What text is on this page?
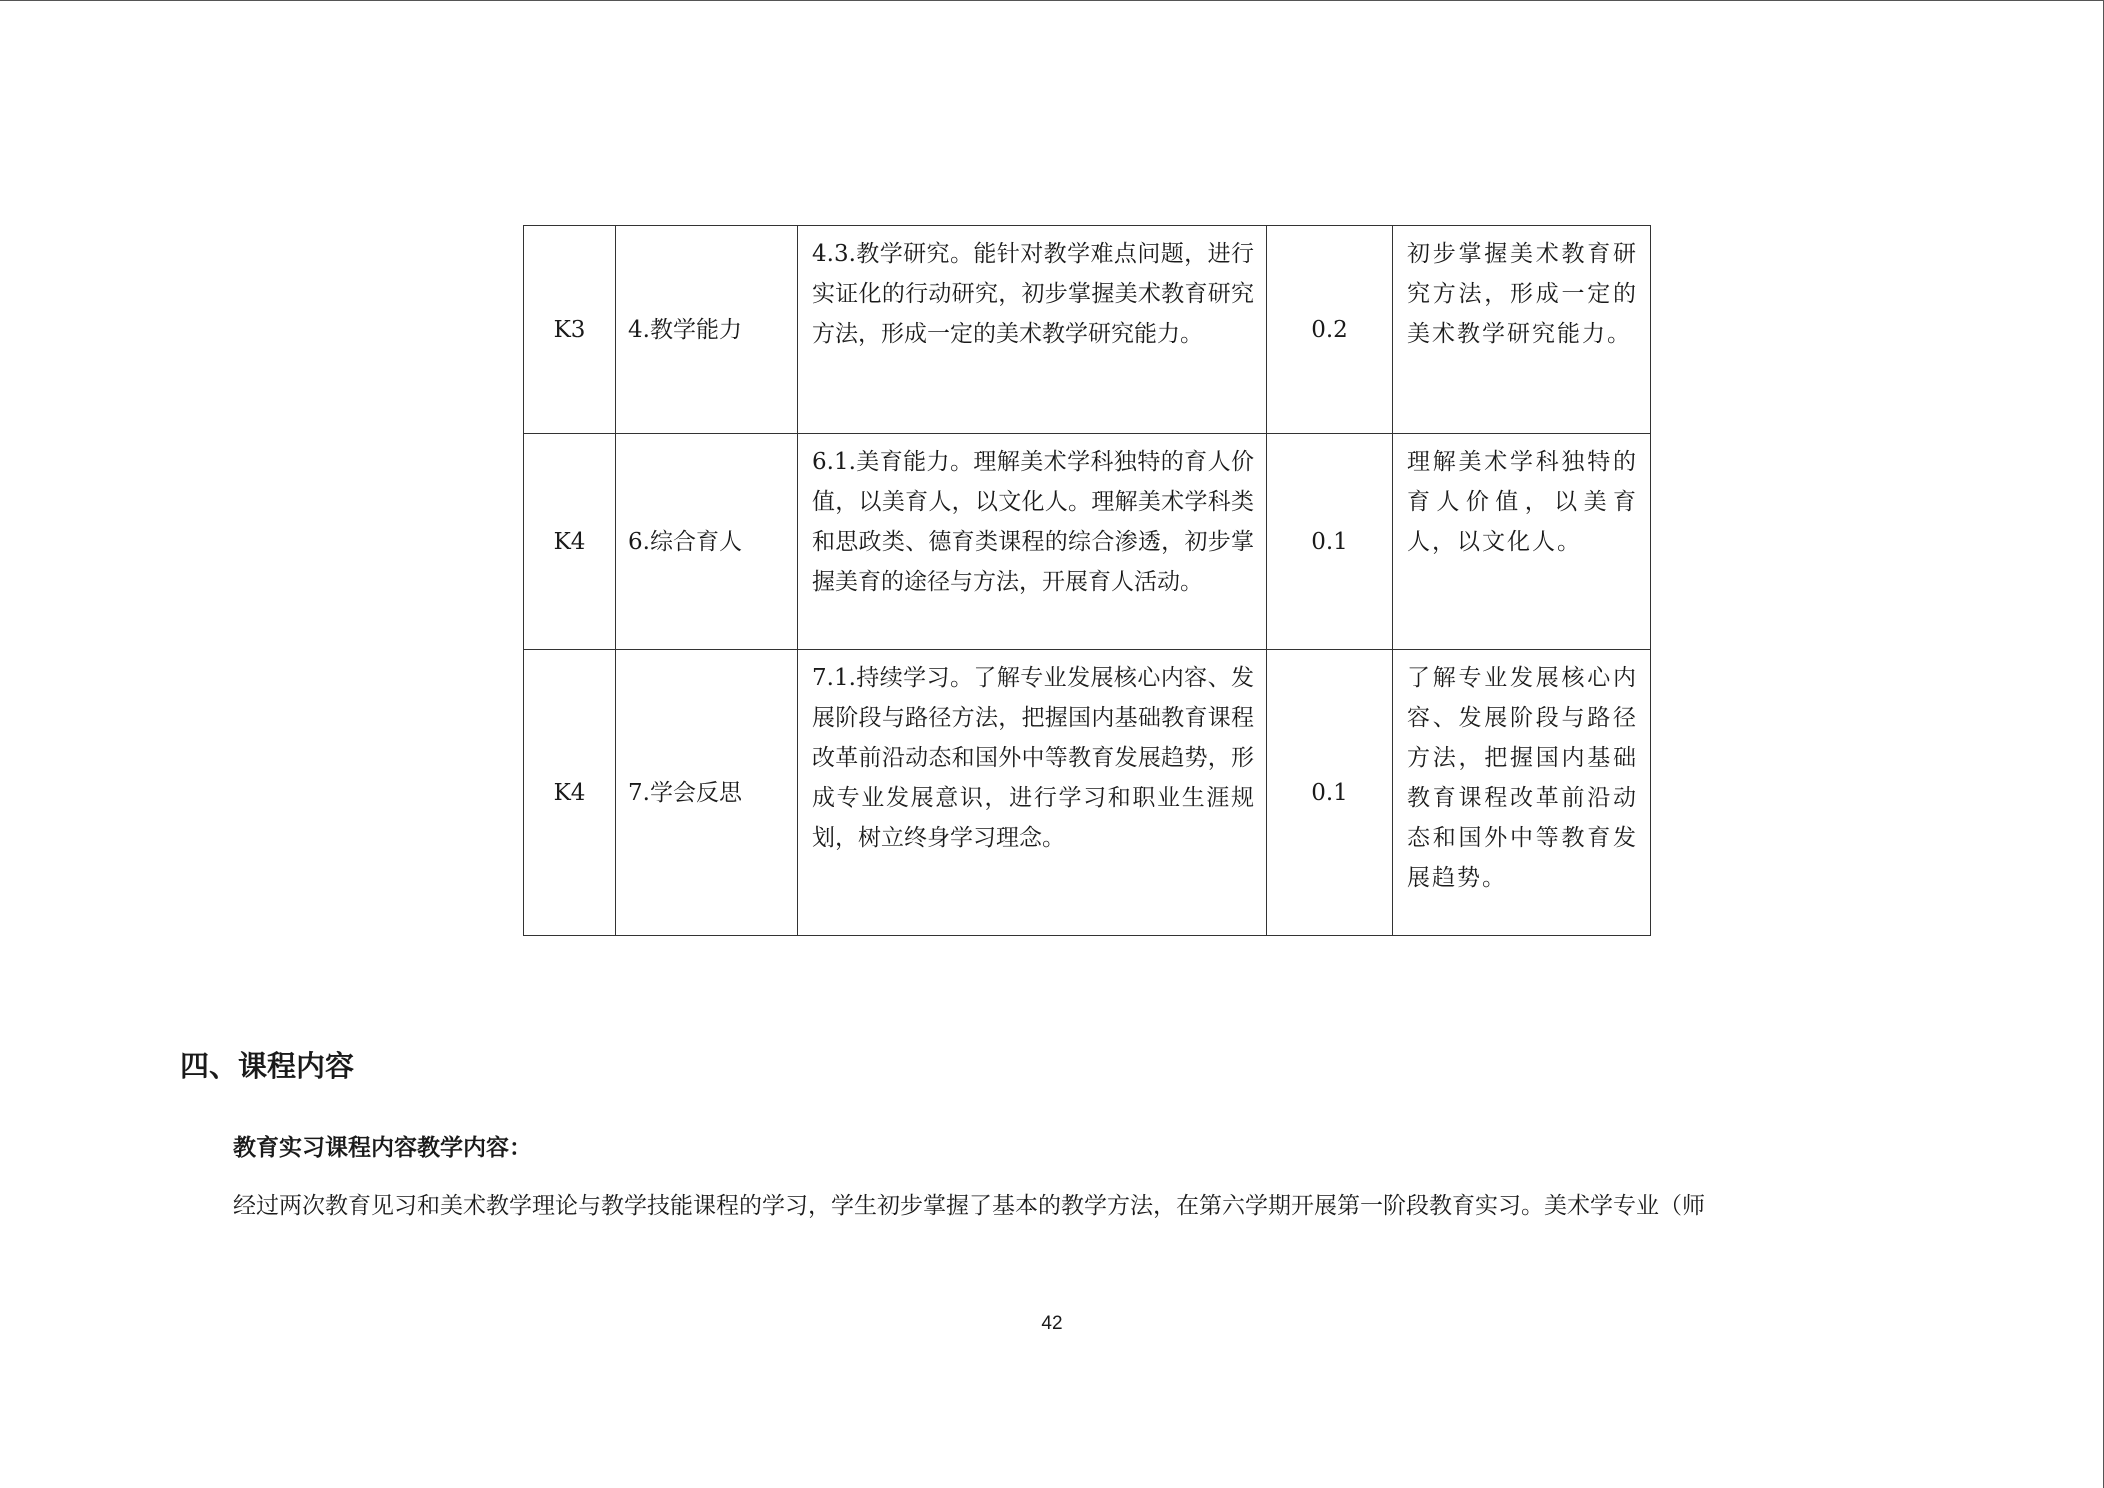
K3	4.教学能力	4.3.教学研究。能针对教学难点问题，进行实证化的行动研究，初步掌握美术教育研究方法，形成一定的美术教学研究能力。	0.2	初步掌握美术教育研究方法，形成一定的美术教学研究能力。
K4	6.综合育人	6.1.美育能力。理解美术学科独特的育人价值，以美育人，以文化人。理解美术学科类和思政类、德育类课程的综合渗透，初步掌握美育的途径与方法，开展育人活动。	0.1	理解美术学科独特的育人价值，以美育人，以文化人。
K4	7.学会反思	7.1.持续学习。了解专业发展核心内容、发展阶段与路径方法，把握国内基础教育课程改革前沿动态和国外中等教育发展趋势，形成专业发展意识，进行学习和职业生涯规划，树立终身学习理念。	0.1	了解专业发展核心内容、发展阶段与路径方法，把握国内基础教育课程改革前沿动态和国外中等教育发展趋势。
四、课程内容
教育实习课程内容教学内容：

经过两次教育见习和美术教学理论与教学技能课程的学习，学生初步掌握了基本的教学方法，在第六学期开展第一阶段教育实习。美术学专业（师

42
